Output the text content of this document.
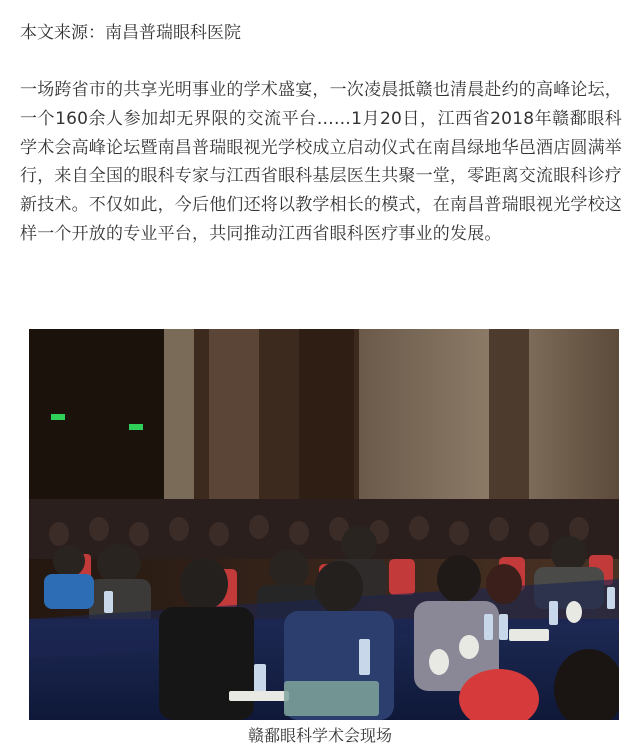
本文来源：南昌普瑞眼科医院
一场跨省市的共享光明事业的学术盛宴，一次凌晨抵赣也清晨赴约的高峰论坛，一个160余人参加却无界限的交流平台……1月20日，江西省2018年赣鄱眼科学术会高峰论坛暨南昌普瑞眼视光学校成立启动仪式在南昌绿地华邑酒店圆满举行，来自全国的眼科专家与江西省眼科基层医生共聚一堂，零距离交流眼科诊疗新技术。不仅如此，今后他们还将以教学相长的模式，在南昌普瑞眼视光学校这样一个开放的专业平台，共同推动江西省眼科医疗事业的发展。
赣鄱眼科学术会现场
